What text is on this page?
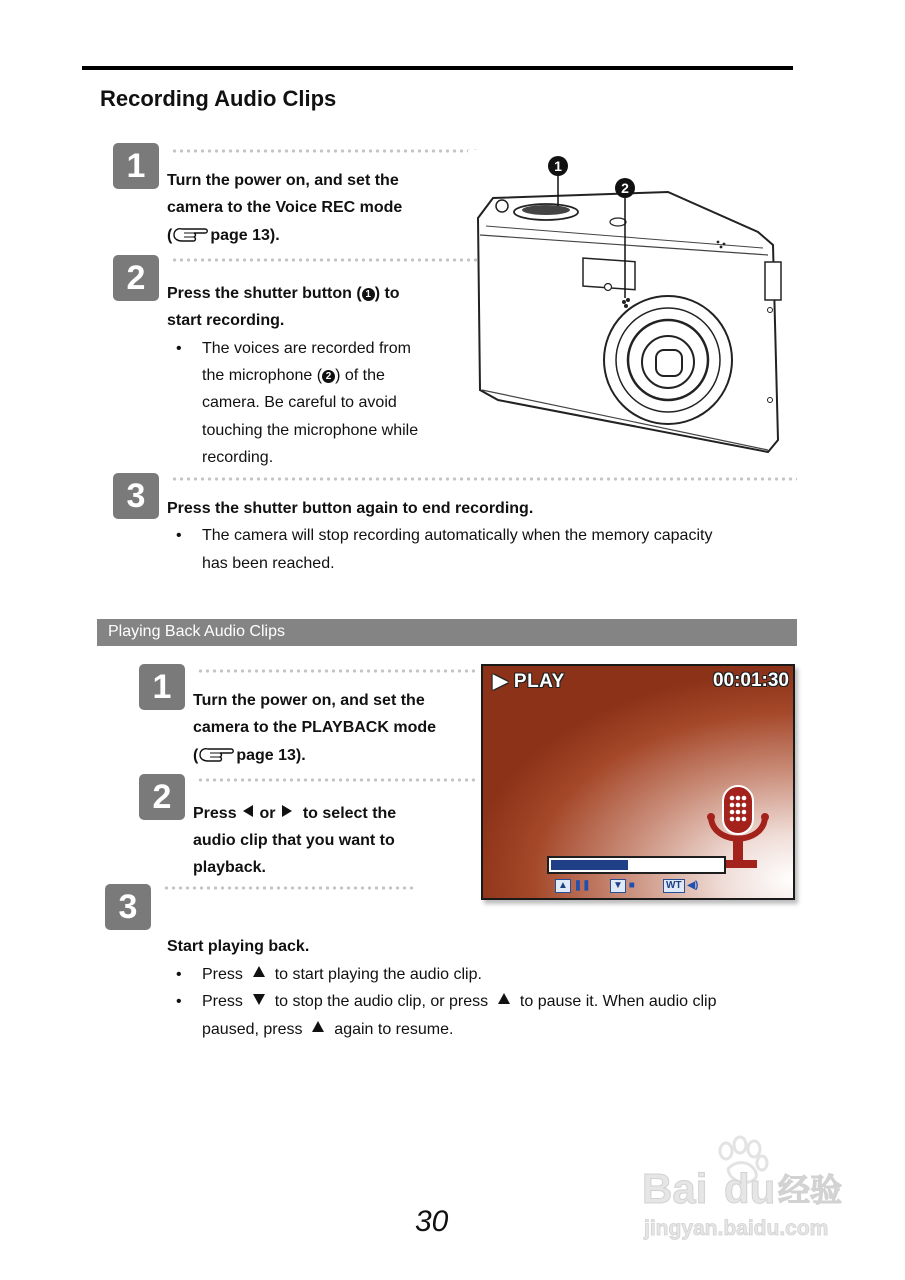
Recording Audio Clips
1	Turn the power on, and set the
camera to the Voice REC mode
( page 13).
1
2
2	Press the shutter button ( 1 ) to
start recording.
• The voices are recorded from
the microphone ( 2 ) of the
camera. Be careful to avoid
touching the microphone while
recording.
3	Press the shutter button again to end recording.
• The camera will stop recording automatically when the memory capacity
has been reached.
Playing Back Audio Clips
1	Turn the power on, and set the
camera to the PLAYBACK mode
( page 13).
2	Press or to select the
audio clip that you want to
playback.
3
Start playing back.
• Press to start playing the audio clip.
• Press to stop the audio clip, or press to pause it. When audio clip
paused, press again to resume.
▶ PLAY	00:01:30
▲ ❚❚	▼ ■	WT ◀)
Bai du 经验
jingyan.baidu.com
30
